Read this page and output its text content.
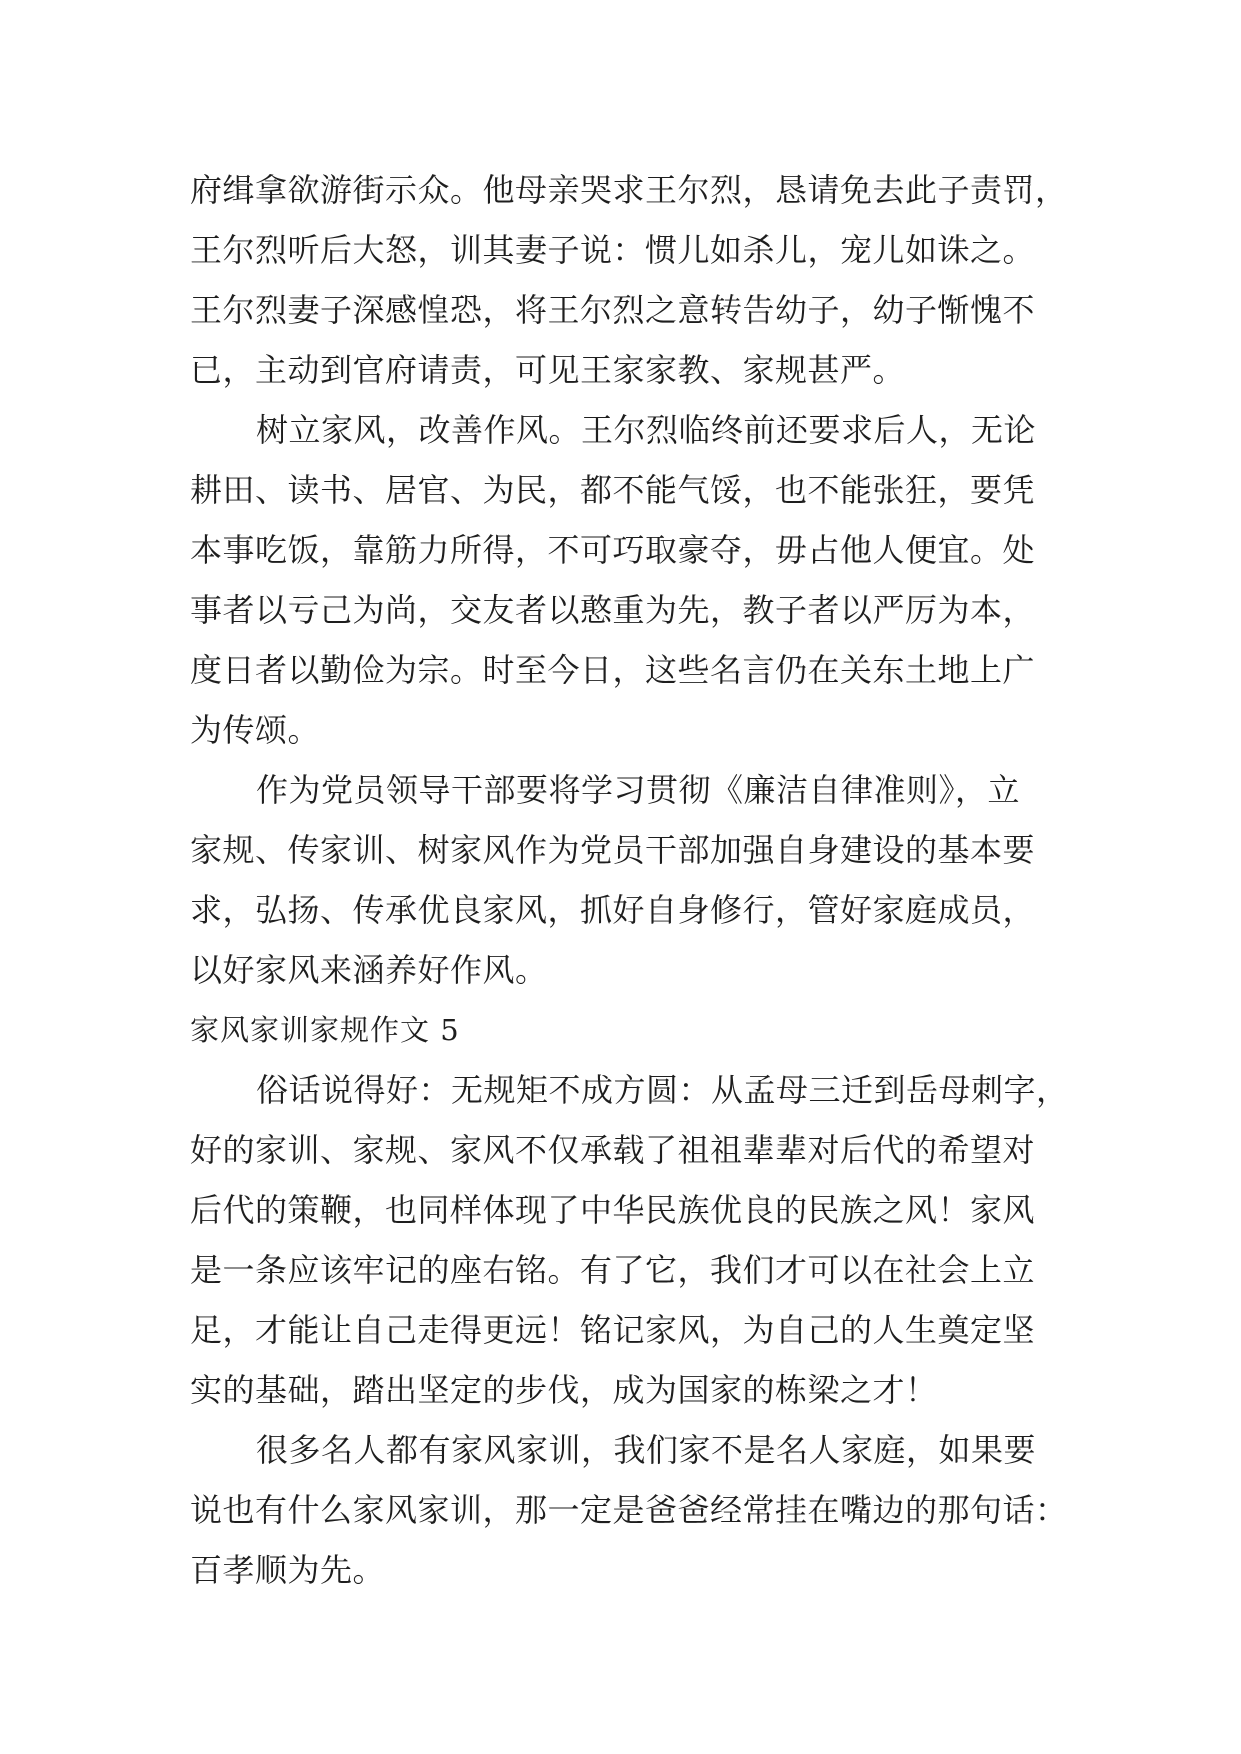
府缉拿欲游街示众。他母亲哭求王尔烈，恳请免去此子责罚，
王尔烈听后大怒，训其妻子说：惯儿如杀儿，宠儿如诛之。
王尔烈妻子深感惶恐，将王尔烈之意转告幼子，幼子惭愧不
已，主动到官府请责，可见王家家教、家规甚严。
树立家风，改善作风。王尔烈临终前还要求后人，无论
耕田、读书、居官、为民，都不能气馁，也不能张狂，要凭
本事吃饭，靠筋力所得，不可巧取豪夺，毋占他人便宜。处
事者以亏己为尚，交友者以憨重为先，教子者以严厉为本，
度日者以勤俭为宗。时至今日，这些名言仍在关东土地上广
为传颂。
作为党员领导干部要将学习贯彻《廉洁自律准则》，立
家规、传家训、树家风作为党员干部加强自身建设的基本要
求，弘扬、传承优良家风，抓好自身修行，管好家庭成员，
以好家风来涵养好作风。
家风家训家规作文 5
俗话说得好：无规矩不成方圆：从孟母三迁到岳母刺字，
好的家训、家规、家风不仅承载了祖祖辈辈对后代的希望对
后代的策鞭，也同样体现了中华民族优良的民族之风！家风
是一条应该牢记的座右铭。有了它，我们才可以在社会上立
足，才能让自己走得更远！铭记家风，为自己的人生奠定坚
实的基础，踏出坚定的步伐，成为国家的栋梁之才！
很多名人都有家风家训，我们家不是名人家庭，如果要
说也有什么家风家训，那一定是爸爸经常挂在嘴边的那句话：
百孝顺为先。
